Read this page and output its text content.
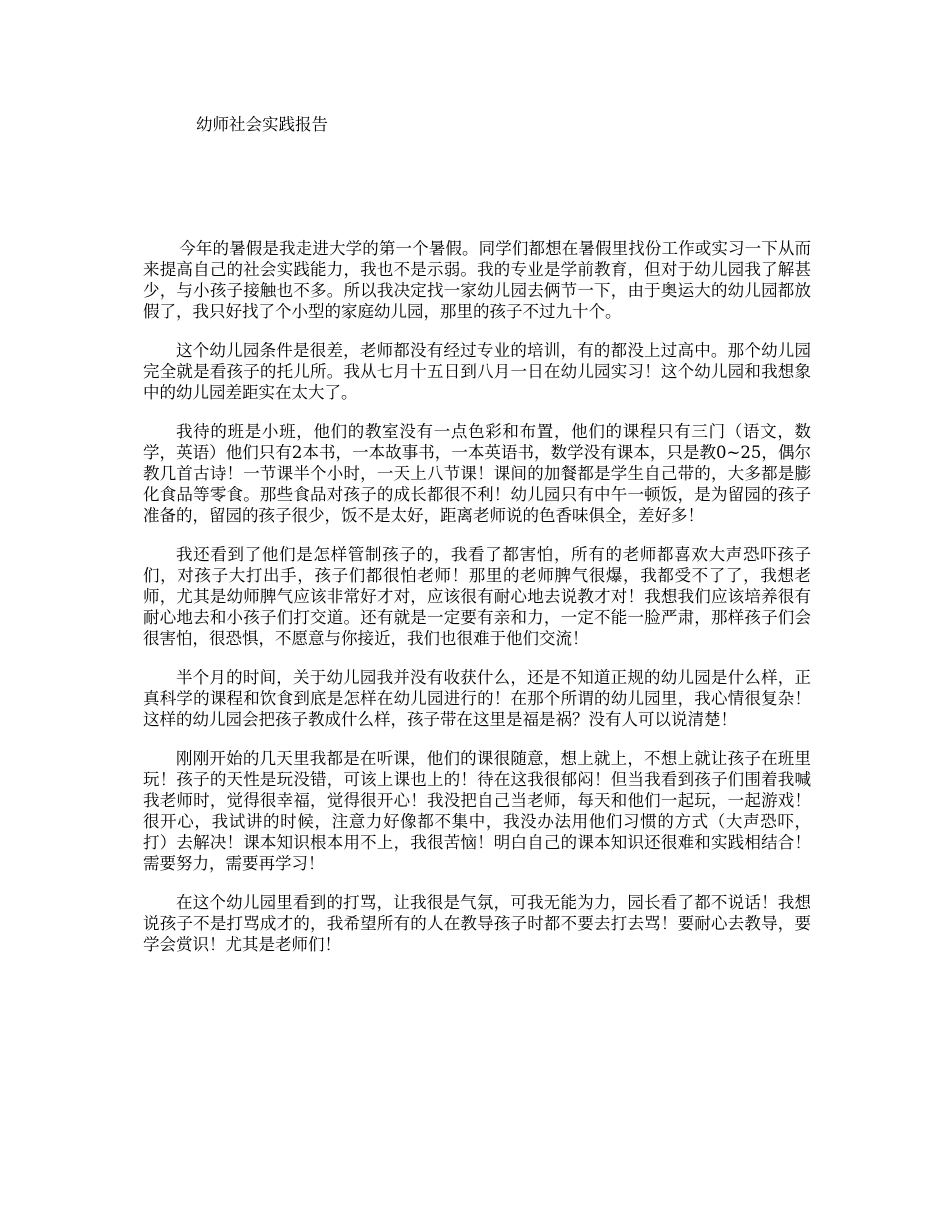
幼师社会实践报告

今年的暑假是我走进大学的第一个暑假。同学们都想在暑假里找份工作或实习一下从而来提高自己的社会实践能力，我也不是示弱。我的专业是学前教育，但对于幼儿园我了解甚少，与小孩子接触也不多。所以我决定找一家幼儿园去俩节一下，由于奥运大的幼儿园都放假了，我只好找了个小型的家庭幼儿园，那里的孩子不过九十个。

这个幼儿园条件是很差，老师都没有经过专业的培训，有的都没上过高中。那个幼儿园完全就是看孩子的托儿所。我从七月十五日到八月一日在幼儿园实习！这个幼儿园和我想象中的幼儿园差距实在太大了。

我待的班是小班，他们的教室没有一点色彩和布置，他们的课程只有三门（语文，数学，英语）他们只有2本书，一本故事书，一本英语书，数学没有课本，只是教0~25，偶尔教几首古诗！一节课半个小时，一天上八节课！课间的加餐都是学生自己带的，大多都是膨化食品等零食。那些食品对孩子的成长都很不利！幼儿园只有中午一顿饭，是为留园的孩子准备的，留园的孩子很少，饭不是太好，距离老师说的色香味俱全，差好多！

我还看到了他们是怎样管制孩子的，我看了都害怕，所有的老师都喜欢大声恐吓孩子们，对孩子大打出手，孩子们都很怕老师！那里的老师脾气很爆，我都受不了了，我想老师，尤其是幼师脾气应该非常好才对，应该很有耐心地去说教才对！我想我们应该培养很有耐心地去和小孩子们打交道。还有就是一定要有亲和力，一定不能一脸严肃，那样孩子们会很害怕，很恐惧，不愿意与你接近，我们也很难于他们交流！

半个月的时间，关于幼儿园我并没有收获什么，还是不知道正规的幼儿园是什么样，正真科学的课程和饮食到底是怎样在幼儿园进行的！在那个所谓的幼儿园里，我心情很复杂！这样的幼儿园会把孩子教成什么样，孩子带在这里是福是祸？没有人可以说清楚！

刚刚开始的几天里我都是在听课，他们的课很随意，想上就上，不想上就让孩子在班里玩！孩子的天性是玩没错，可该上课也上的！待在这我很郁闷！但当我看到孩子们围着我喊我老师时，觉得很幸福，觉得很开心！我没把自己当老师，每天和他们一起玩，一起游戏！很开心，我试讲的时候，注意力好像都不集中，我没办法用他们习惯的方式（大声恐吓，打）去解决！课本知识根本用不上，我很苦恼！明白自己的课本知识还很难和实践相结合！需要努力，需要再学习！

在这个幼儿园里看到的打骂，让我很是气氛，可我无能为力，园长看了都不说话！我想说孩子不是打骂成才的，我希望所有的人在教导孩子时都不要去打去骂！要耐心去教导，要学会赏识！尤其是老师们！
